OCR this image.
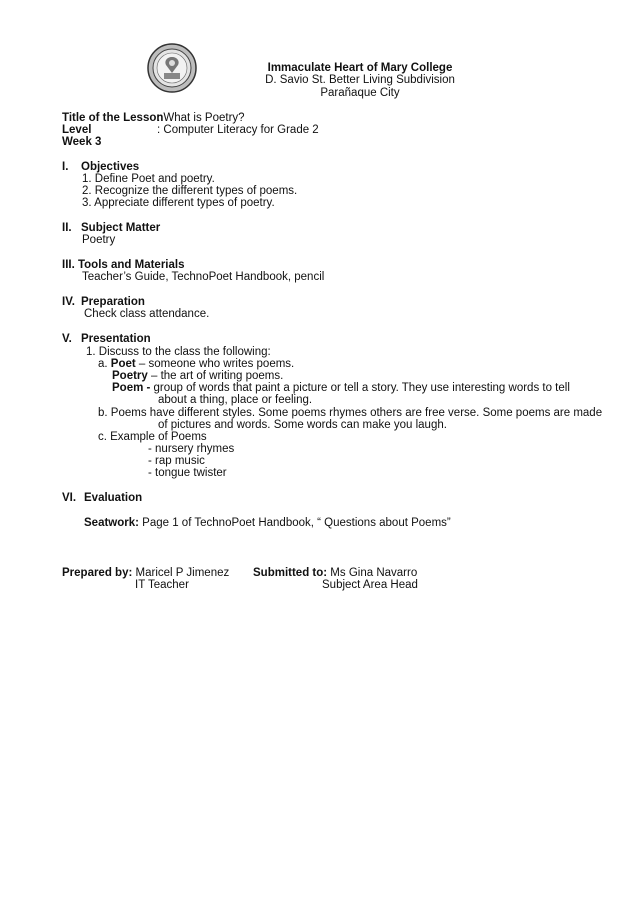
Immaculate Heart of Mary College
D. Savio St. Better Living Subdivision
Parañaque City
Title of the Lesson
: What is Poetry?
Level	: Computer Literacy for Grade 2
Week 3
I. Objectives
1. Define Poet and poetry.
2. Recognize the different types of poems.
3. Appreciate different types of poetry.
II. Subject Matter
Poetry
III. Tools and Materials
Teacher’s Guide, TechnoPoet Handbook, pencil
IV. Preparation
Check class attendance.
V. Presentation
1. Discuss to the class the following:
a. Poet – someone who writes poems.
Poetry – the art of writing poems.
Poem - group of words that paint a picture or tell a story. They use interesting words to tell
about a thing, place or feeling.
b. Poems have different styles. Some poems rhymes others are free verse. Some poems are made
of pictures and words. Some words can make you laugh.
c. Example of Poems
- nursery rhymes
- rap music
- tongue twister
VI. Evaluation
Seatwork: Page 1 of TechnoPoet Handbook, “ Questions about Poems”
Prepared by: Maricel P Jimenez
IT Teacher
Submitted to: Ms Gina Navarro
Subject Area Head
